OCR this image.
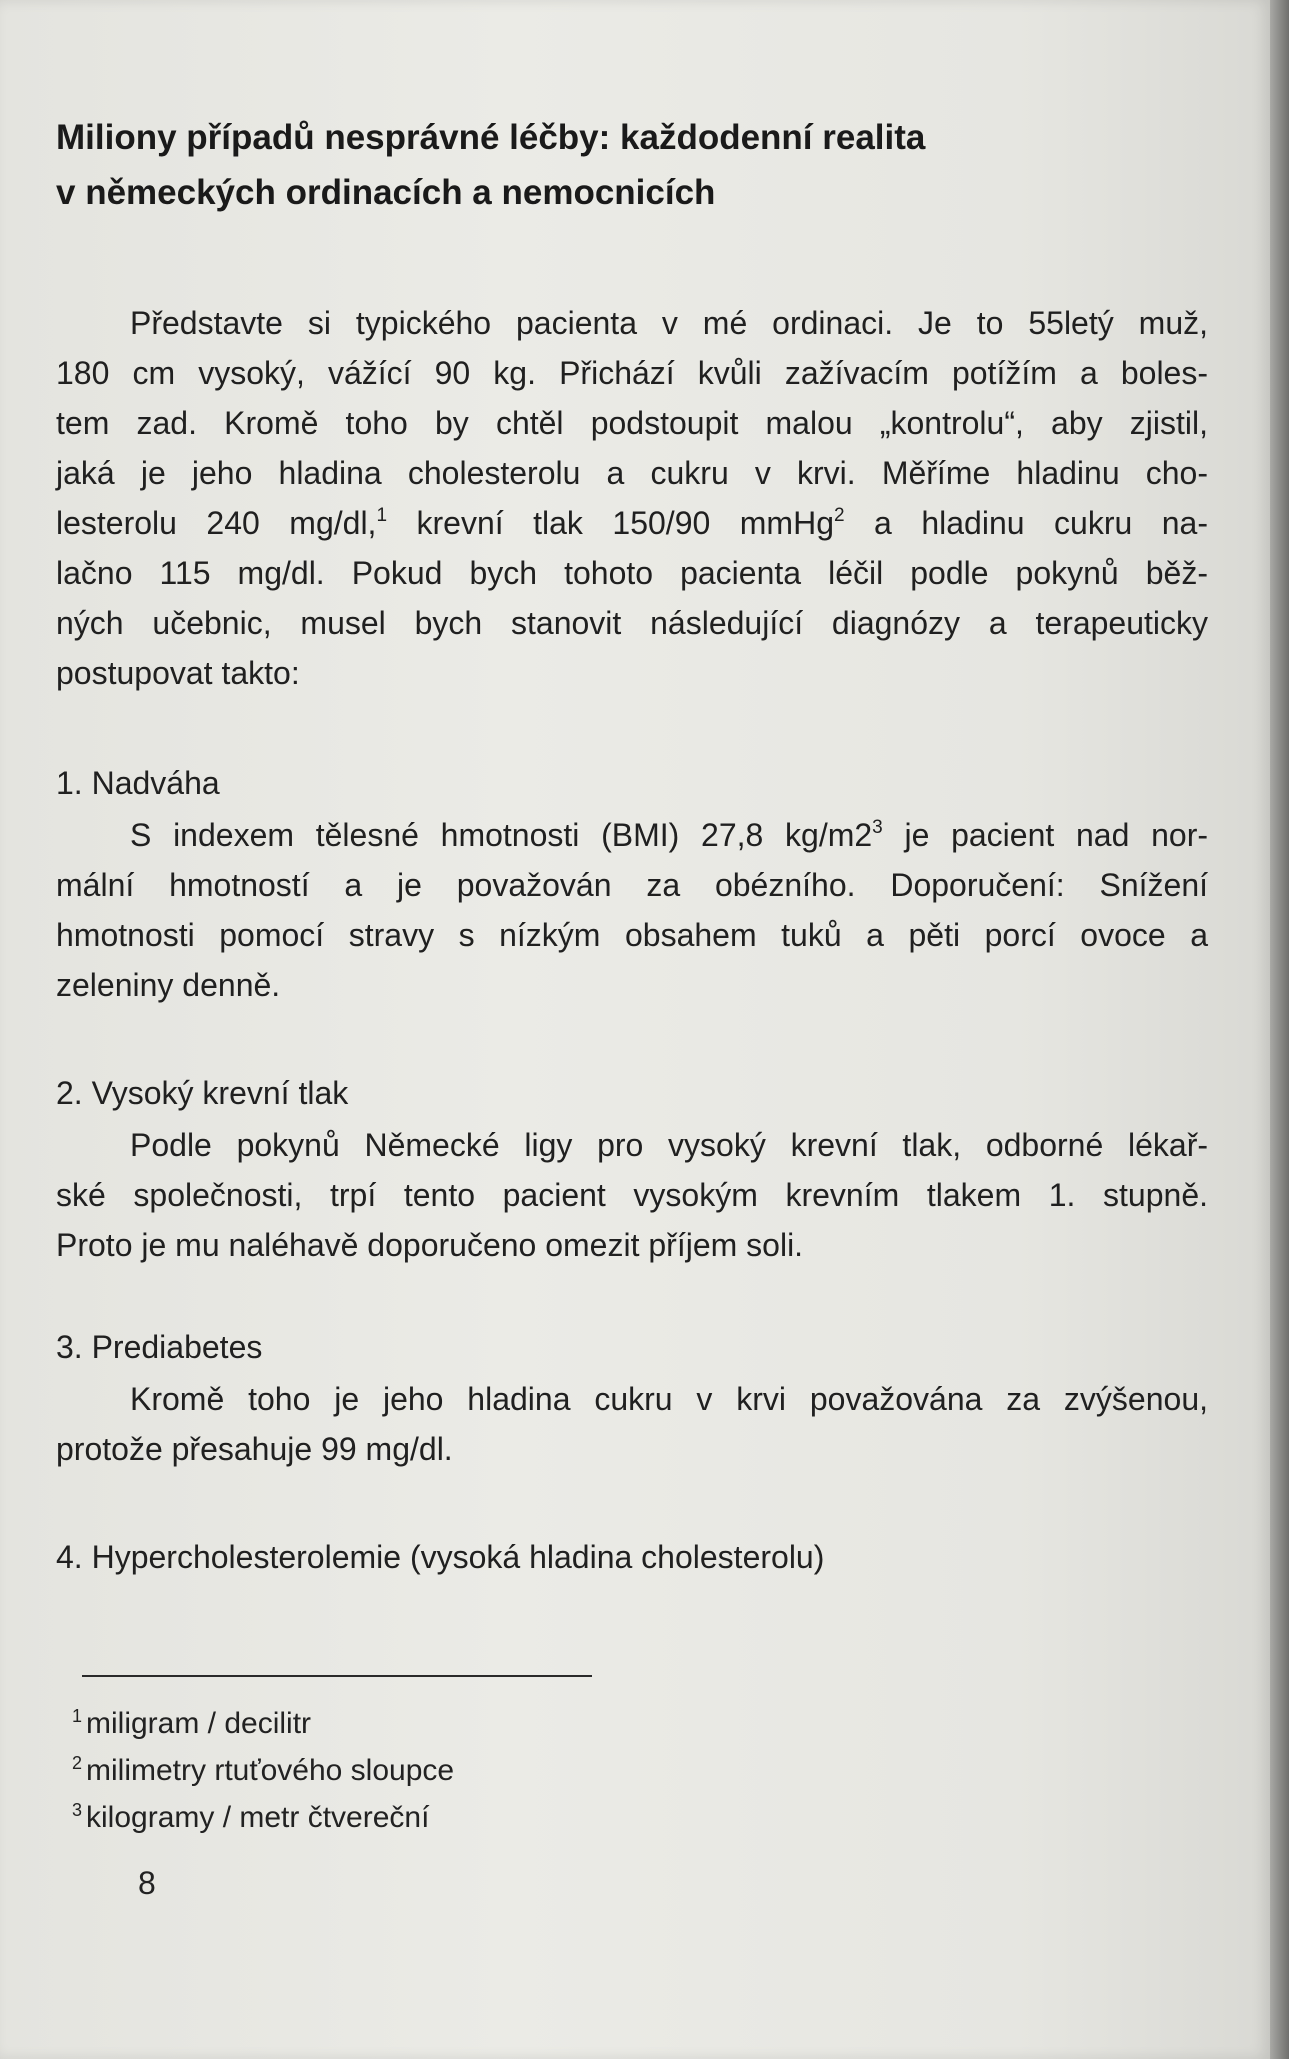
Miliony případů nesprávné léčby: každodenní realita
v německých ordinacích a nemocnicích

Představte si typického pacienta v mé ordinaci. Je to 55letý muž,
180 cm vysoký, vážící 90 kg. Přichází kvůli zažívacím potížím a boles-
tem zad. Kromě toho by chtěl podstoupit malou „kontrolu“, aby zjistil,
jaká je jeho hladina cholesterolu a cukru v krvi. Měříme hladinu cho-
lesterolu 240 mg/dl,$^1$ krevní tlak 150/90 mmHg$^2$ a hladinu cukru na-
lačno 115 mg/dl. Pokud bych tohoto pacienta léčil podle pokynů běž-
ných učebnic, musel bych stanovit následující diagnózy a terapeuticky
postupovat takto:

1. Nadváha

S indexem tělesné hmotnosti (BMI) 27,8 $kg/m2^3$ je pacient nad nor-
mální hmotností a je považován za obézního. Doporučení: Snížení
hmotnosti pomocí stravy s nízkým obsahem tuků a pěti porcí ovoce a
zeleniny denně.

2. Vysoký krevní tlak

Podle pokynů Německé ligy pro vysoký krevní tlak, odborné lékař-
ské společnosti, trpí tento pacient vysokým krevním tlakem 1. stupně.
Proto je mu naléhavě doporučeno omezit příjem soli.

3. Prediabetes

Kromě toho je jeho hladina cukru v krvi považována za zvýšenou,
protože přesahuje 99 mg/dl.

4. Hypercholesterolemie (vysoká hladina cholesterolu)

$^1$ miligram / decilitr
$^2$ milimetry rtuťového sloupce
$^3$ kilogramy / metr čtvereční
8
